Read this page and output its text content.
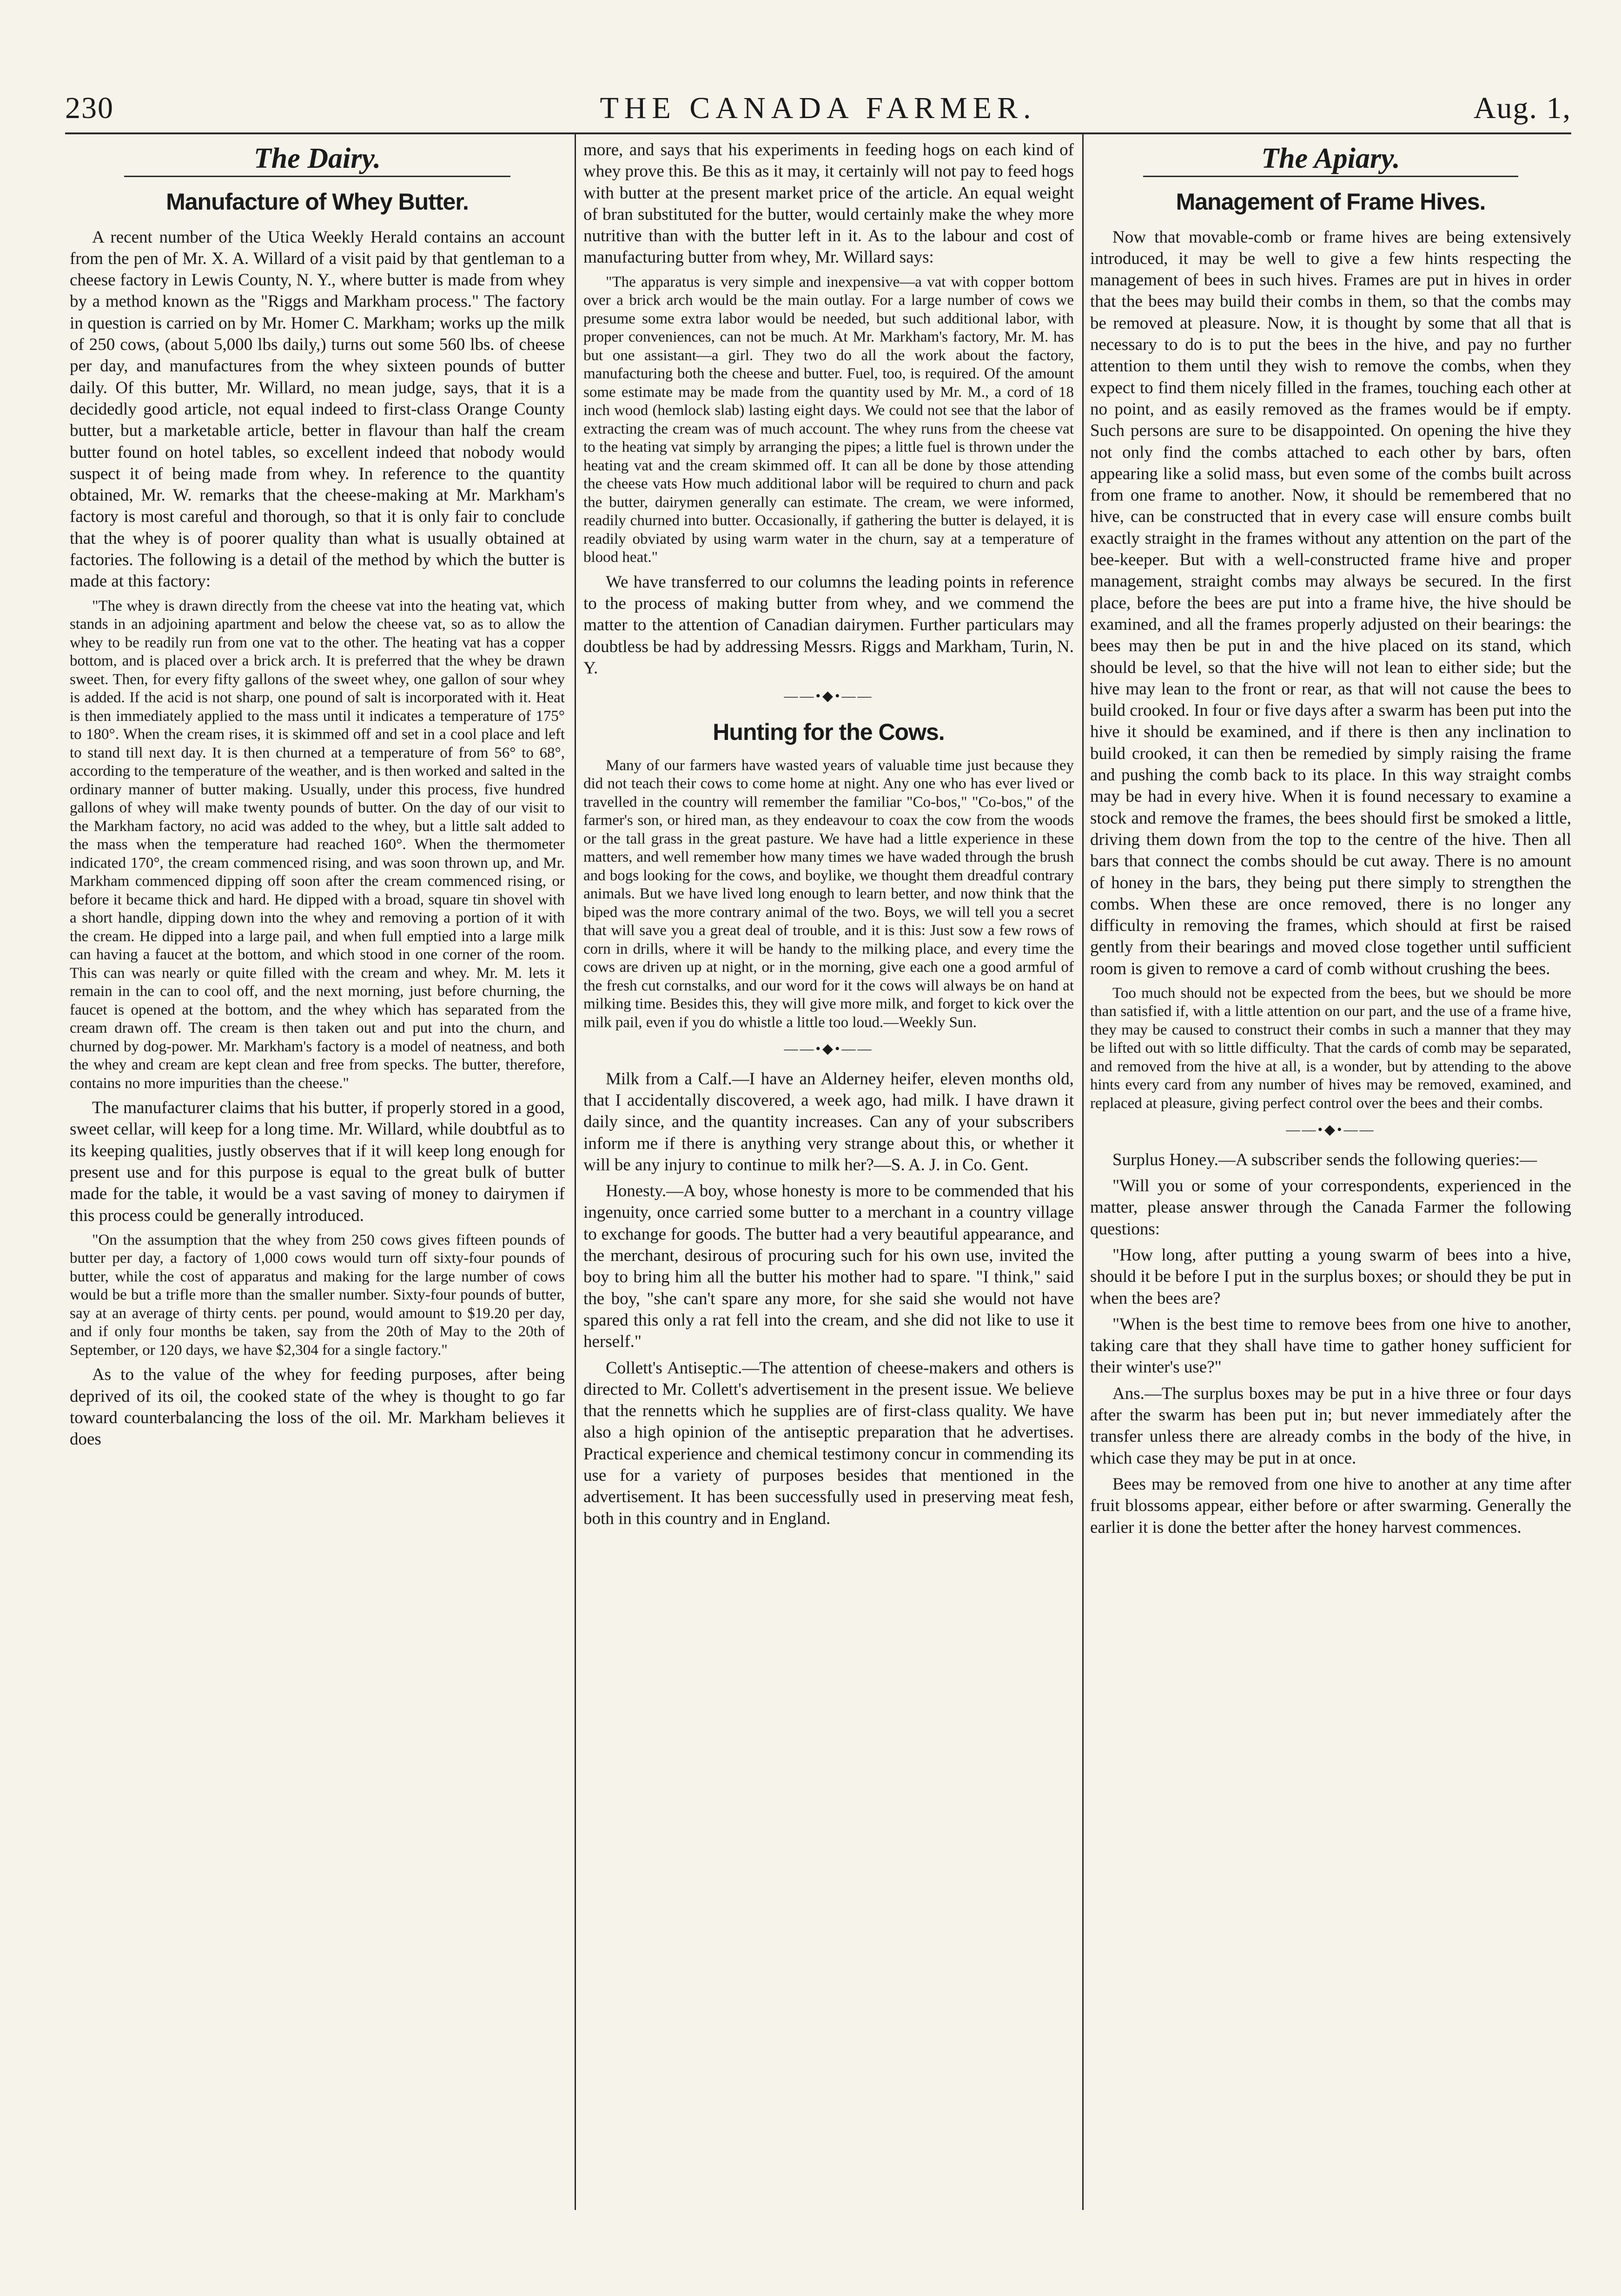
230	THE CANADA FARMER.	Aug. 1,
The Dairy.
Manufacture of Whey Butter.

A recent number of the Utica Weekly Herald contains an account from the pen of Mr. X. A. Willard of a visit paid by that gentleman to a cheese factory in Lewis County, N. Y., where butter is made from whey by a method known as the "Riggs and Markham process." The factory in question is carried on by Mr. Homer C. Markham; works up the milk of 250 cows, (about 5,000 lbs daily,) turns out some 560 lbs. of cheese per day, and manufactures from the whey sixteen pounds of butter daily. Of this butter, Mr. Willard, no mean judge, says, that it is a decidedly good article, not equal indeed to first-class Orange County butter, but a marketable article, better in flavour than half the cream butter found on hotel tables, so excellent indeed that nobody would suspect it of being made from whey. In reference to the quantity obtained, Mr. W. remarks that the cheese-making at Mr. Markham's factory is most careful and thorough, so that it is only fair to conclude that the whey is of poorer quality than what is usually obtained at factories. The following is a detail of the method by which the butter is made at this factory:

"The whey is drawn directly from the cheese vat into the heating vat, which stands in an adjoining apartment and below the cheese vat, so as to allow the whey to be readily run from one vat to the other. The heating vat has a copper bottom, and is placed over a brick arch. It is preferred that the whey be drawn sweet. Then, for every fifty gallons of the sweet whey, one gallon of sour whey is added. If the acid is not sharp, one pound of salt is incorporated with it. Heat is then immediately applied to the mass until it indicates a temperature of 175° to 180°. When the cream rises, it is skimmed off and set in a cool place and left to stand till next day. It is then churned at a temperature of from 56° to 68°, according to the temperature of the weather, and is then worked and salted in the ordinary manner of butter making. Usually, under this process, five hundred gallons of whey will make twenty pounds of butter. On the day of our visit to the Markham factory, no acid was added to the whey, but a little salt added to the mass when the temperature had reached 160°. When the thermometer indicated 170°, the cream commenced rising, and was soon thrown up, and Mr. Markham commenced dipping off soon after the cream commenced rising, or before it became thick and hard. He dipped with a broad, square tin shovel with a short handle, dipping down into the whey and removing a portion of it with the cream. He dipped into a large pail, and when full emptied into a large milk can having a faucet at the bottom, and which stood in one corner of the room. This can was nearly or quite filled with the cream and whey. Mr. M. lets it remain in the can to cool off, and the next morning, just before churning, the faucet is opened at the bottom, and the whey which has separated from the cream drawn off. The cream is then taken out and put into the churn, and churned by dog-power. Mr. Markham's factory is a model of neatness, and both the whey and cream are kept clean and free from specks. The butter, therefore, contains no more impurities than the cheese."

The manufacturer claims that his butter, if properly stored in a good, sweet cellar, will keep for a long time. Mr. Willard, while doubtful as to its keeping qualities, justly observes that if it will keep long enough for present use and for this purpose is equal to the great bulk of butter made for the table, it would be a vast saving of money to dairymen if this process could be generally introduced.

"On the assumption that the whey from 250 cows gives fifteen pounds of butter per day, a factory of 1,000 cows would turn off sixty-four pounds of butter, while the cost of apparatus and making for the large number of cows would be but a trifle more than the smaller number. Sixty-four pounds of butter, say at an average of thirty cents. per pound, would amount to $19.20 per day, and if only four months be taken, say from the 20th of May to the 20th of September, or 120 days, we have $2,304 for a single factory."

As to the value of the whey for feeding purposes, after being deprived of its oil, the cooked state of the whey is thought to go far toward counterbalancing the loss of the oil. Mr. Markham believes it does

more, and says that his experiments in feeding hogs on each kind of whey prove this. Be this as it may, it certainly will not pay to feed hogs with butter at the present market price of the article. An equal weight of bran substituted for the butter, would certainly make the whey more nutritive than with the butter left in it. As to the labour and cost of manufacturing butter from whey, Mr. Willard says:

"The apparatus is very simple and inexpensive—a vat with copper bottom over a brick arch would be the main outlay. For a large number of cows we presume some extra labor would be needed, but such additional labor, with proper conveniences, can not be much. At Mr. Markham's factory, Mr. M. has but one assistant—a girl. They two do all the work about the factory, manufacturing both the cheese and butter. Fuel, too, is required. Of the amount some estimate may be made from the quantity used by Mr. M., a cord of 18 inch wood (hemlock slab) lasting eight days. We could not see that the labor of extracting the cream was of much account. The whey runs from the cheese vat to the heating vat simply by arranging the pipes; a little fuel is thrown under the heating vat and the cream skimmed off. It can all be done by those attending the cheese vats How much additional labor will be required to churn and pack the butter, dairymen generally can estimate. The cream, we were informed, readily churned into butter. Occasionally, if gathering the butter is delayed, it is readily obviated by using warm water in the churn, say at a temperature of blood heat."

We have transferred to our columns the leading points in reference to the process of making butter from whey, and we commend the matter to the attention of Canadian dairymen. Further particulars may doubtless be had by addressing Messrs. Riggs and Markham, Turin, N. Y.

——•◆•——
Hunting for the Cows.

Many of our farmers have wasted years of valuable time just because they did not teach their cows to come home at night. Any one who has ever lived or travelled in the country will remember the familiar "Co-bos," "Co-bos," of the farmer's son, or hired man, as they endeavour to coax the cow from the woods or the tall grass in the great pasture. We have had a little experience in these matters, and well remember how many times we have waded through the brush and bogs looking for the cows, and boylike, we thought them dreadful contrary animals. But we have lived long enough to learn better, and now think that the biped was the more contrary animal of the two. Boys, we will tell you a secret that will save you a great deal of trouble, and it is this: Just sow a few rows of corn in drills, where it will be handy to the milking place, and every time the cows are driven up at night, or in the morning, give each one a good armful of the fresh cut cornstalks, and our word for it the cows will always be on hand at milking time. Besides this, they will give more milk, and forget to kick over the milk pail, even if you do whistle a little too loud.—Weekly Sun.

——•◆•——

Milk from a Calf.—I have an Alderney heifer, eleven months old, that I accidentally discovered, a week ago, had milk. I have drawn it daily since, and the quantity increases. Can any of your subscribers inform me if there is anything very strange about this, or whether it will be any injury to continue to milk her?—S. A. J. in Co. Gent.

Honesty.—A boy, whose honesty is more to be commended that his ingenuity, once carried some butter to a merchant in a country village to exchange for goods. The butter had a very beautiful appearance, and the merchant, desirous of procuring such for his own use, invited the boy to bring him all the butter his mother had to spare. "I think," said the boy, "she can't spare any more, for she said she would not have spared this only a rat fell into the cream, and she did not like to use it herself."

Collett's Antiseptic.—The attention of cheese-makers and others is directed to Mr. Collett's advertisement in the present issue. We believe that the rennetts which he supplies are of first-class quality. We have also a high opinion of the antiseptic preparation that he advertises. Practical experience and chemical testimony concur in commending its use for a variety of purposes besides that mentioned in the advertisement. It has been successfully used in preserving meat fesh, both in this country and in England.

The Apiary.
Management of Frame Hives.

Now that movable-comb or frame hives are being extensively introduced, it may be well to give a few hints respecting the management of bees in such hives. Frames are put in hives in order that the bees may build their combs in them, so that the combs may be removed at pleasure. Now, it is thought by some that all that is necessary to do is to put the bees in the hive, and pay no further attention to them until they wish to remove the combs, when they expect to find them nicely filled in the frames, touching each other at no point, and as easily removed as the frames would be if empty. Such persons are sure to be disappointed. On opening the hive they not only find the combs attached to each other by bars, often appearing like a solid mass, but even some of the combs built across from one frame to another. Now, it should be remembered that no hive, can be constructed that in every case will ensure combs built exactly straight in the frames without any attention on the part of the bee-keeper. But with a well-constructed frame hive and proper management, straight combs may always be secured. In the first place, before the bees are put into a frame hive, the hive should be examined, and all the frames properly adjusted on their bearings: the bees may then be put in and the hive placed on its stand, which should be level, so that the hive will not lean to either side; but the hive may lean to the front or rear, as that will not cause the bees to build crooked. In four or five days after a swarm has been put into the hive it should be examined, and if there is then any inclination to build crooked, it can then be remedied by simply raising the frame and pushing the comb back to its place. In this way straight combs may be had in every hive. When it is found necessary to examine a stock and remove the frames, the bees should first be smoked a little, driving them down from the top to the centre of the hive. Then all bars that connect the combs should be cut away. There is no amount of honey in the bars, they being put there simply to strengthen the combs. When these are once removed, there is no longer any difficulty in removing the frames, which should at first be raised gently from their bearings and moved close together until sufficient room is given to remove a card of comb without crushing the bees.

Too much should not be expected from the bees, but we should be more than satisfied if, with a little attention on our part, and the use of a frame hive, they may be caused to construct their combs in such a manner that they may be lifted out with so little difficulty. That the cards of comb may be separated, and removed from the hive at all, is a wonder, but by attending to the above hints every card from any number of hives may be removed, examined, and replaced at pleasure, giving perfect control over the bees and their combs.

——•◆•——

Surplus Honey.—A subscriber sends the following queries:—

"Will you or some of your correspondents, experienced in the matter, please answer through the Canada Farmer the following questions:

"How long, after putting a young swarm of bees into a hive, should it be before I put in the surplus boxes; or should they be put in when the bees are?

"When is the best time to remove bees from one hive to another, taking care that they shall have time to gather honey sufficient for their winter's use?"

Ans.—The surplus boxes may be put in a hive three or four days after the swarm has been put in; but never immediately after the transfer unless there are already combs in the body of the hive, in which case they may be put in at once.

Bees may be removed from one hive to another at any time after fruit blossoms appear, either before or after swarming. Generally the earlier it is done the better after the honey harvest commences.
